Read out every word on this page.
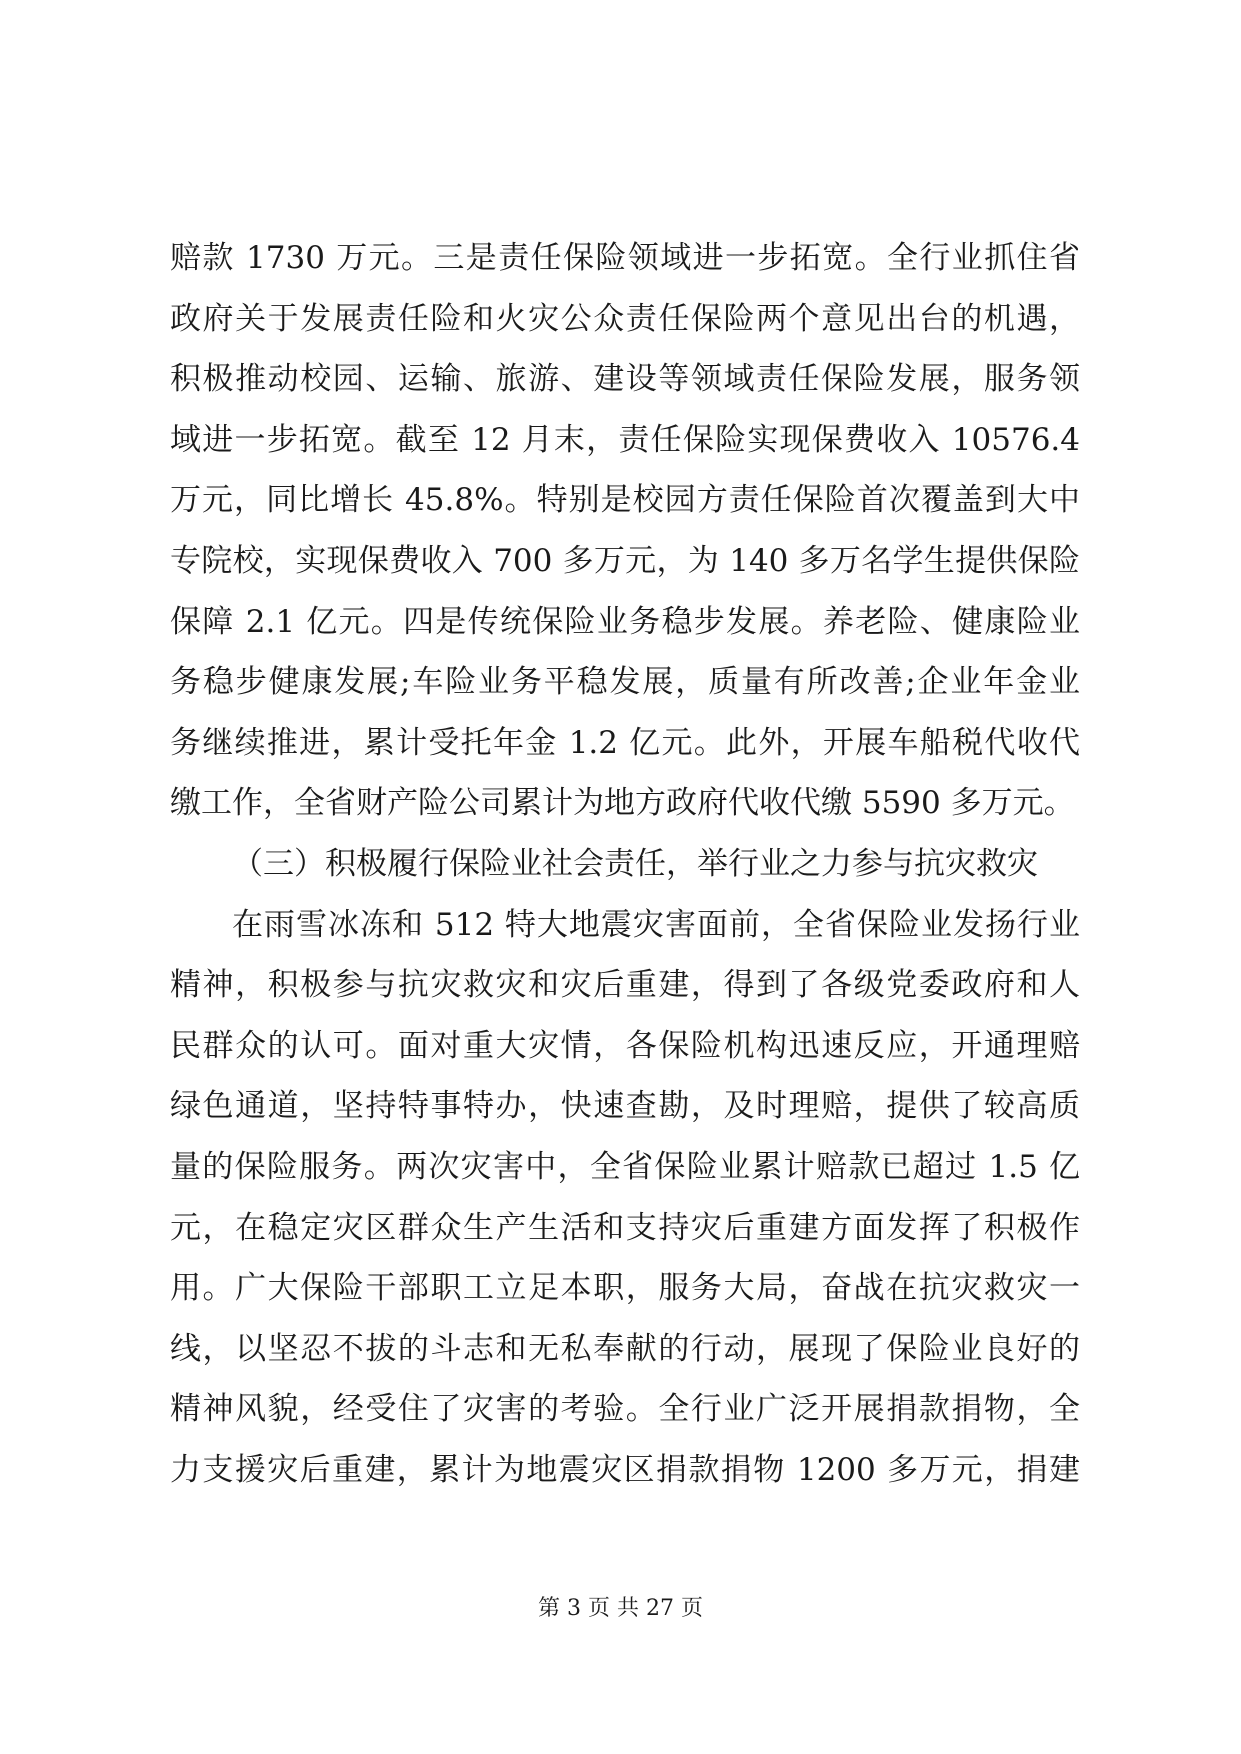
赔款 1730 万元。三是责任保险领域进一步拓宽。全行业抓住省
政府关于发展责任险和火灾公众责任保险两个意见出台的机遇，
积极推动校园、运输、旅游、建设等领域责任保险发展，服务领
域进一步拓宽。截至 12 月末，责任保险实现保费收入 10576.4
万元，同比增长 45.8%。特别是校园方责任保险首次覆盖到大中
专院校，实现保费收入 700 多万元，为 140 多万名学生提供保险
保障 2.1 亿元。四是传统保险业务稳步发展。养老险、健康险业
务稳步健康发展;车险业务平稳发展，质量有所改善;企业年金业
务继续推进，累计受托年金 1.2 亿元。此外，开展车船税代收代
缴工作，全省财产险公司累计为地方政府代收代缴 5590 多万元。
（三）积极履行保险业社会责任，举行业之力参与抗灾救灾
在雨雪冰冻和 512 特大地震灾害面前，全省保险业发扬行业
精神，积极参与抗灾救灾和灾后重建，得到了各级党委政府和人
民群众的认可。面对重大灾情，各保险机构迅速反应，开通理赔
绿色通道，坚持特事特办，快速查勘，及时理赔，提供了较高质
量的保险服务。两次灾害中，全省保险业累计赔款已超过 1.5 亿
元，在稳定灾区群众生产生活和支持灾后重建方面发挥了积极作
用。广大保险干部职工立足本职，服务大局，奋战在抗灾救灾一
线，以坚忍不拔的斗志和无私奉献的行动，展现了保险业良好的
精神风貌，经受住了灾害的考验。全行业广泛开展捐款捐物，全
力支援灾后重建，累计为地震灾区捐款捐物 1200 多万元，捐建
第 3 页 共 27 页
